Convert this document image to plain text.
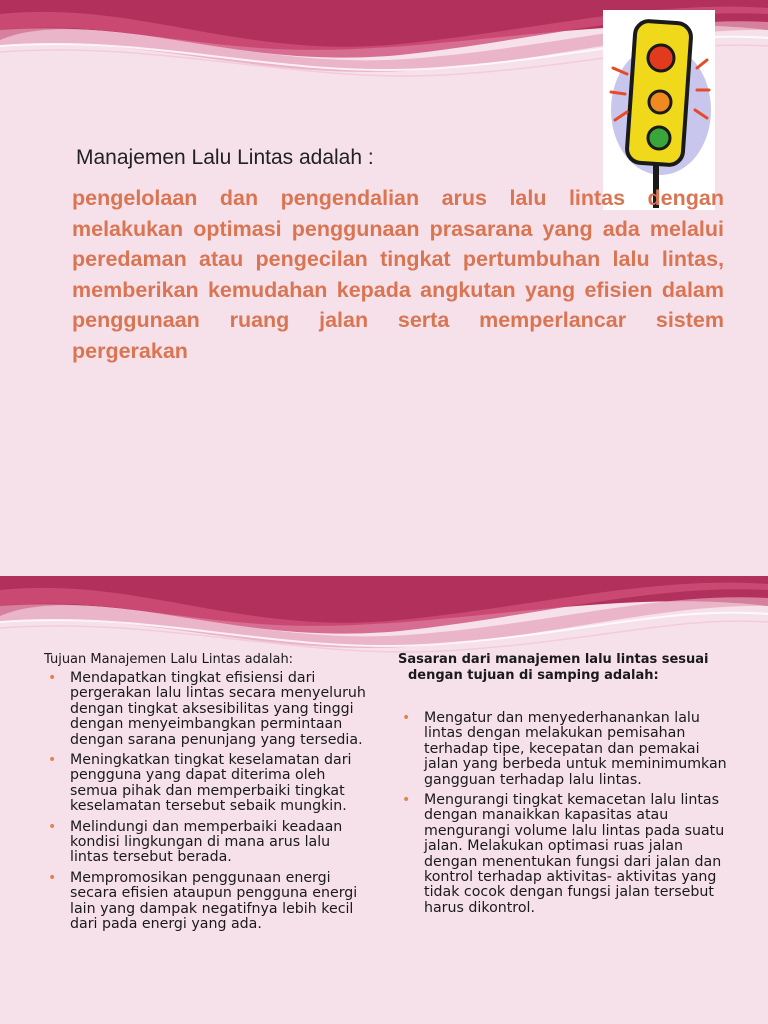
Manajemen Lalu Lintas adalah :

pengelolaan dan pengendalian arus lalu lintas dengan melakukan optimasi penggunaan prasarana yang ada melalui peredaman atau pengecilan tingkat pertumbuhan lalu lintas, memberikan kemudahan kepada angkutan yang efisien dalam penggunaan ruang jalan serta memperlancar sistem pergerakan

Tujuan Manajemen Lalu Lintas adalah:

• Mendapatkan tingkat efisiensi dari pergerakan lalu lintas secara menyeluruh dengan tingkat aksesibilitas yang tinggi dengan menyeimbangkan permintaan dengan sarana penunjang yang tersedia.
• Meningkatkan tingkat keselamatan dari pengguna yang dapat diterima oleh semua pihak dan memperbaiki tingkat keselamatan tersebut sebaik mungkin.
• Melindungi dan memperbaiki keadaan kondisi lingkungan di mana arus lalu lintas tersebut berada.
• Mempromosikan penggunaan energi secara efisien ataupun pengguna energi lain yang dampak negatifnya lebih kecil dari pada energi yang ada.

Sasaran dari manajemen lalu lintas sesuai dengan tujuan di samping adalah:

• Mengatur dan menyederhanankan lalu lintas dengan melakukan pemisahan terhadap tipe, kecepatan dan pemakai jalan yang berbeda untuk meminimumkan gangguan terhadap lalu lintas.
• Mengurangi tingkat kemacetan lalu lintas dengan manaikkan kapasitas atau mengurangi volume lalu lintas pada suatu jalan. Melakukan optimasi ruas jalan dengan menentukan fungsi dari jalan dan kontrol terhadap aktivitas- aktivitas yang tidak cocok dengan fungsi jalan tersebut harus dikontrol.
